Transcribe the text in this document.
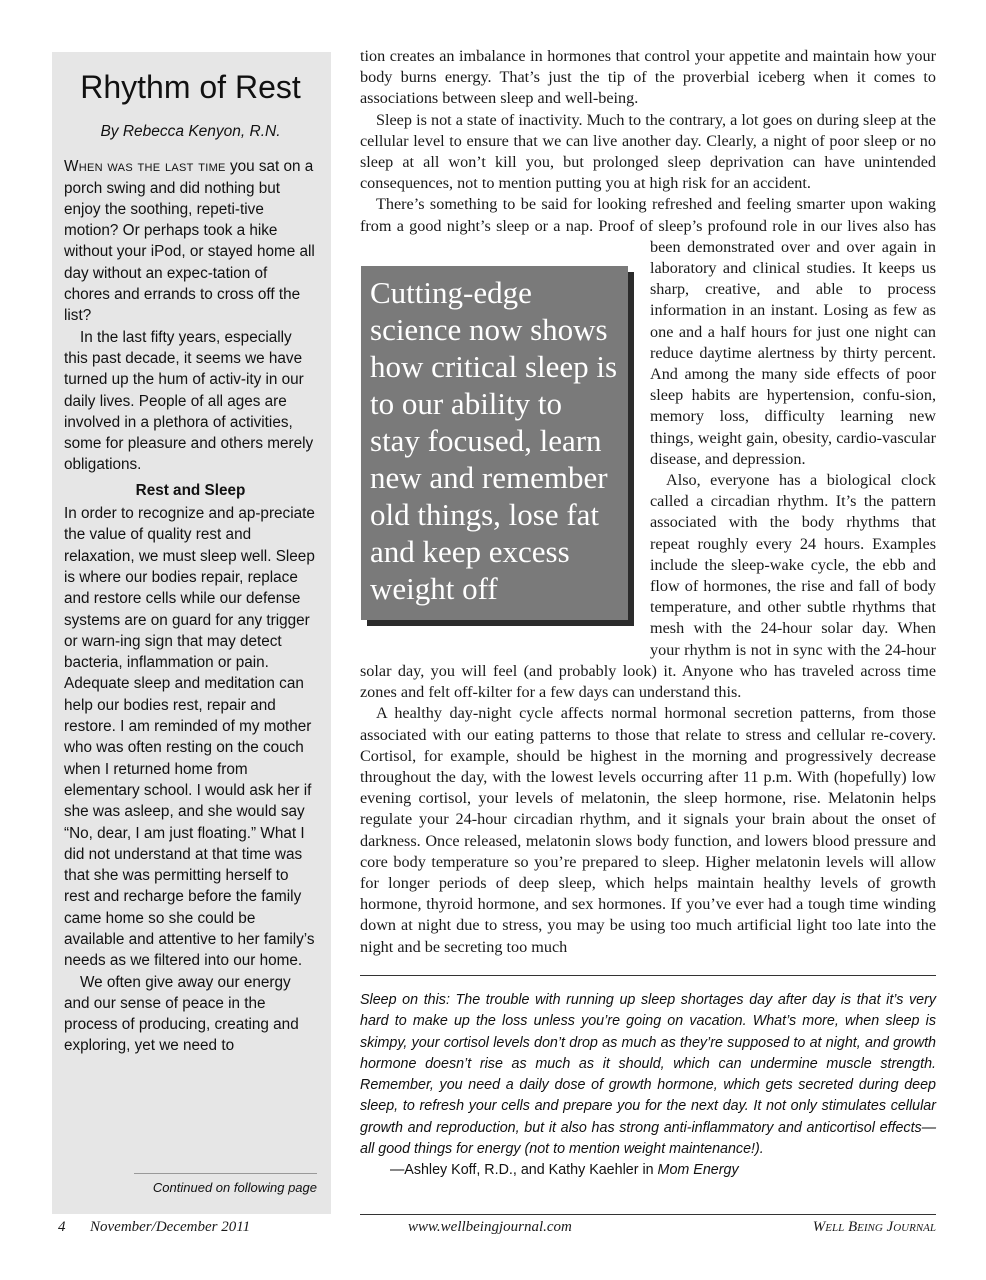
Rhythm of Rest
By Rebecca Kenyon, R.N.

When was the last time you sat on a porch swing and did nothing but enjoy the soothing, repeti-tive motion? Or perhaps took a hike without your iPod, or stayed home all day without an expec-tation of chores and errands to cross off the list?

In the last fifty years, especially this past decade, it seems we have turned up the hum of activ-ity in our daily lives. People of all ages are involved in a plethora of activities, some for pleasure and others merely obligations.

Rest and Sleep

In order to recognize and ap-preciate the value of quality rest and relaxation, we must sleep well. Sleep is where our bodies repair, replace and restore cells while our defense systems are on guard for any trigger or warn-ing sign that may detect bacteria, inflammation or pain. Adequate sleep and meditation can help our bodies rest, repair and restore. I am reminded of my mother who was often resting on the couch when I returned home from elementary school. I would ask her if she was asleep, and she would say “No, dear, I am just floating.” What I did not understand at that time was that she was permitting herself to rest and recharge before the family came home so she could be available and attentive to her family’s needs as we filtered into our home.

We often give away our energy and our sense of peace in the process of producing, creating and exploring, yet we need to

Continued on following page

tion creates an imbalance in hormones that control your appetite and maintain how your body burns energy. That’s just the tip of the proverbial iceberg when it comes to associations between sleep and well-being.

Sleep is not a state of inactivity. Much to the contrary, a lot goes on during sleep at the cellular level to ensure that we can live another day. Clearly, a night of poor sleep or no sleep at all won’t kill you, but prolonged sleep deprivation can have unintended consequences, not to mention putting you at high risk for an accident.

There’s something to be said for looking refreshed and feeling smarter upon waking from a good night’s sleep or a nap. Proof of sleep’s profound role in our lives also has been demonstrated over and over again in laboratory and clinical studies. It keeps us sharp, creative, and able to process information in an instant. Losing as few as one and a half hours for just one night can reduce daytime alertness by thirty percent. And among the many side effects of poor sleep habits are hypertension, confu-sion, memory loss, difficulty learning new things, weight gain, obesity, cardio-vascular disease, and depression.

Also, everyone has a biological clock called a circadian rhythm. It’s the pattern associated with the body rhythms that repeat roughly every 24 hours. Examples include the sleep-wake cycle, the ebb and flow of hormones, the rise and fall of body temperature, and other subtle rhythms that mesh with the 24-hour solar day. When your rhythm is not in sync with the 24-hour solar day, you will feel (and probably look) it. Anyone who has traveled across time zones and felt off-kilter for a few days can understand this.

A healthy day-night cycle affects normal hormonal secretion patterns, from those associated with our eating patterns to those that relate to stress and cellular re-covery. Cortisol, for example, should be highest in the morning and progressively decrease throughout the day, with the lowest levels occurring after 11 p.m. With (hopefully) low evening cortisol, your levels of melatonin, the sleep hormone, rise. Melatonin helps regulate your 24-hour circadian rhythm, and it signals your brain about the onset of darkness. Once released, melatonin slows body function, and lowers blood pressure and core body temperature so you’re prepared to sleep. Higher melatonin levels will allow for longer periods of deep sleep, which helps maintain healthy levels of growth hormone, thyroid hormone, and sex hormones. If you’ve ever had a tough time winding down at night due to stress, you may be using too much artificial light too late into the night and be secreting too much

Cutting-edge science now shows how critical sleep is to our ability to stay focused, learn new and remember old things, lose fat and keep excess weight off

Sleep on this: The trouble with running up sleep shortages day after day is that it’s very hard to make up the loss unless you’re going on vacation. What’s more, when sleep is skimpy, your cortisol levels don’t drop as much as they’re supposed to at night, and growth hormone doesn’t rise as much as it should, which can undermine muscle strength. Remember, you need a daily dose of growth hormone, which gets secreted during deep sleep, to refresh your cells and prepare you for the next day. It not only stimulates cellular growth and reproduction, but it also has strong anti-inflammatory and anticortisol effects—all good things for energy (not to mention weight maintenance!).

—Ashley Koff, R.D., and Kathy Kaehler in Mom Energy

4 November/December 2011	www.wellbeingjournal.com	Well Being Journal
